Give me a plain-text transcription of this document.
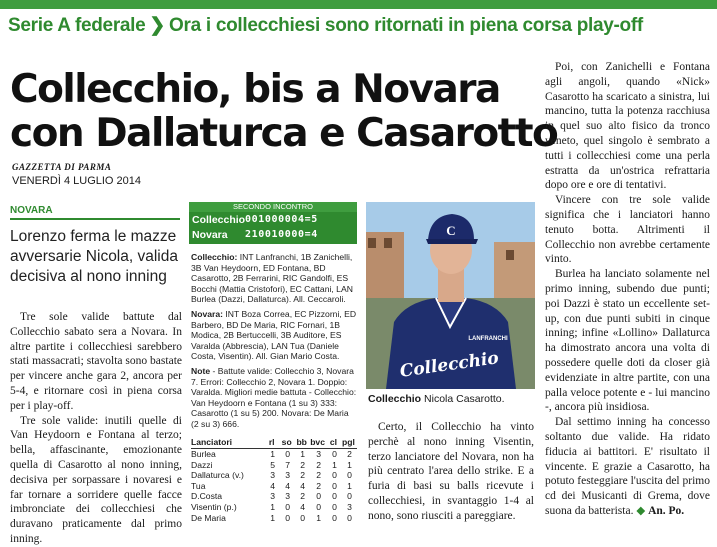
Serie A federale ❯ Ora i collecchiesi sono ritornati in piena corsa play-off
Collecchio, bis a Novara
con Dallaturca e Casarotto
GAZZETTA DI PARMA
VENERDÌ 4 LUGLIO 2014
NOVARA
Lorenzo ferma le mazze avversarie Nicola, valida decisiva al nono inning

Tre sole valide battute dal Collecchio sabato sera a Novara. In altre partite i collecchiesi sarebbero stati massacrati; stavolta sono bastate per vincere anche gara 2, ancora per 5-4, e ritornare così in piena corsa per i play-off.

Tre sole valide: inutili quelle di Van Heydoorn e Fontana al terzo; bella, affascinante, emozionante quella di Casarotto al nono inning, decisiva per sorpassare i novaresi e far tornare a sorridere quelle facce imbronciate dei collecchiesi che duravano praticamente dal primo inning.

SECONDO INCONTRO
Collecchio 001000004=5
Novara 210010000=4

Collecchio: INT Lanfranchi, 1B Zanichelli, 3B Van Heydoorn, ED Fontana, BD Casarotto, 2B Ferrarini, RIC Gandolfi, ES Bocchi (Mattia Cristofori), EC Cattani, LAN Burlea (Dazzi, Dallaturca). All. Ceccaroli.

Novara: INT Boza Correa, EC Pizzorni, ED Barbero, BD De Maria, RIC Fornari, 1B Modica, 2B Bertuccelli, 3B Auditore, ES Varalda (Abbrescia), LAN Tua (Daniele Costa, Visentin). All. Gian Mario Costa.

Note - Battute valide: Collecchio 3, Novara 7. Errori: Collecchio 2, Novara 1. Doppio: Varalda. Migliori medie battuta - Collecchio: Van Heydoorn e Fontana (1 su 3) 333: Casarotto (1 su 5) 200. Novara: De Maria (2 su 3) 666.

Lanciatori	rl	so	bb	bvc	cl	pgl
Burlea	1	0	1	3	0	2
Dazzi	5	7	2	2	1	1
Dallaturca (v.)	3	3	2	2	0	0
Tua	4	4	4	2	0	1
D.Costa	3	3	2	0	0	0
Visentin (p.)	1	0	4	0	0	3
De Maria	1	0	0	1	0	0
C
LANFRANCHI
Collecchio
Collecchio Nicola Casarotto.

Certo, il Collecchio ha vinto perchè al nono inning Visentin, terzo lanciatore del Novara, non ha più centrato l'area dello strike. E a furia di basi su balls ricevute i collecchiesi, in svantaggio 1-4 al nono, sono riusciti a pareggiare.

Poi, con Zanichelli e Fontana agli angoli, quando «Nick» Casarotto ha scaricato a sinistra, lui mancino, tutta la potenza racchiusa in quel suo alto fisico da tronco veneto, quel singolo è sembrato a tutti i collecchiesi come una perla estratta da un'ostrica refrattaria dopo ore e ore di tentativi.

Vincere con tre sole valide significa che i lanciatori hanno tenuto botta. Altrimenti il Collecchio non avrebbe certamente vinto.

Burlea ha lanciato solamente nel primo inning, subendo due punti; poi Dazzi è stato un eccellente set-up, con due punti subiti in cinque inning; infine «Lollino» Dallaturca ha dimostrato ancora una volta di possedere quelle doti da closer già evidenziate in altre partite, con una palla veloce potente e - lui mancino -, ancora più insidiosa.

Dal settimo inning ha concesso soltanto due valide. Ha ridato fiducia ai battitori. E' risultato il vincente. E grazie a Casarotto, ha potuto festeggiare l'uscita del primo cd dei Musicanti di Grema, dove suona da batterista. ◆ An. Po.
